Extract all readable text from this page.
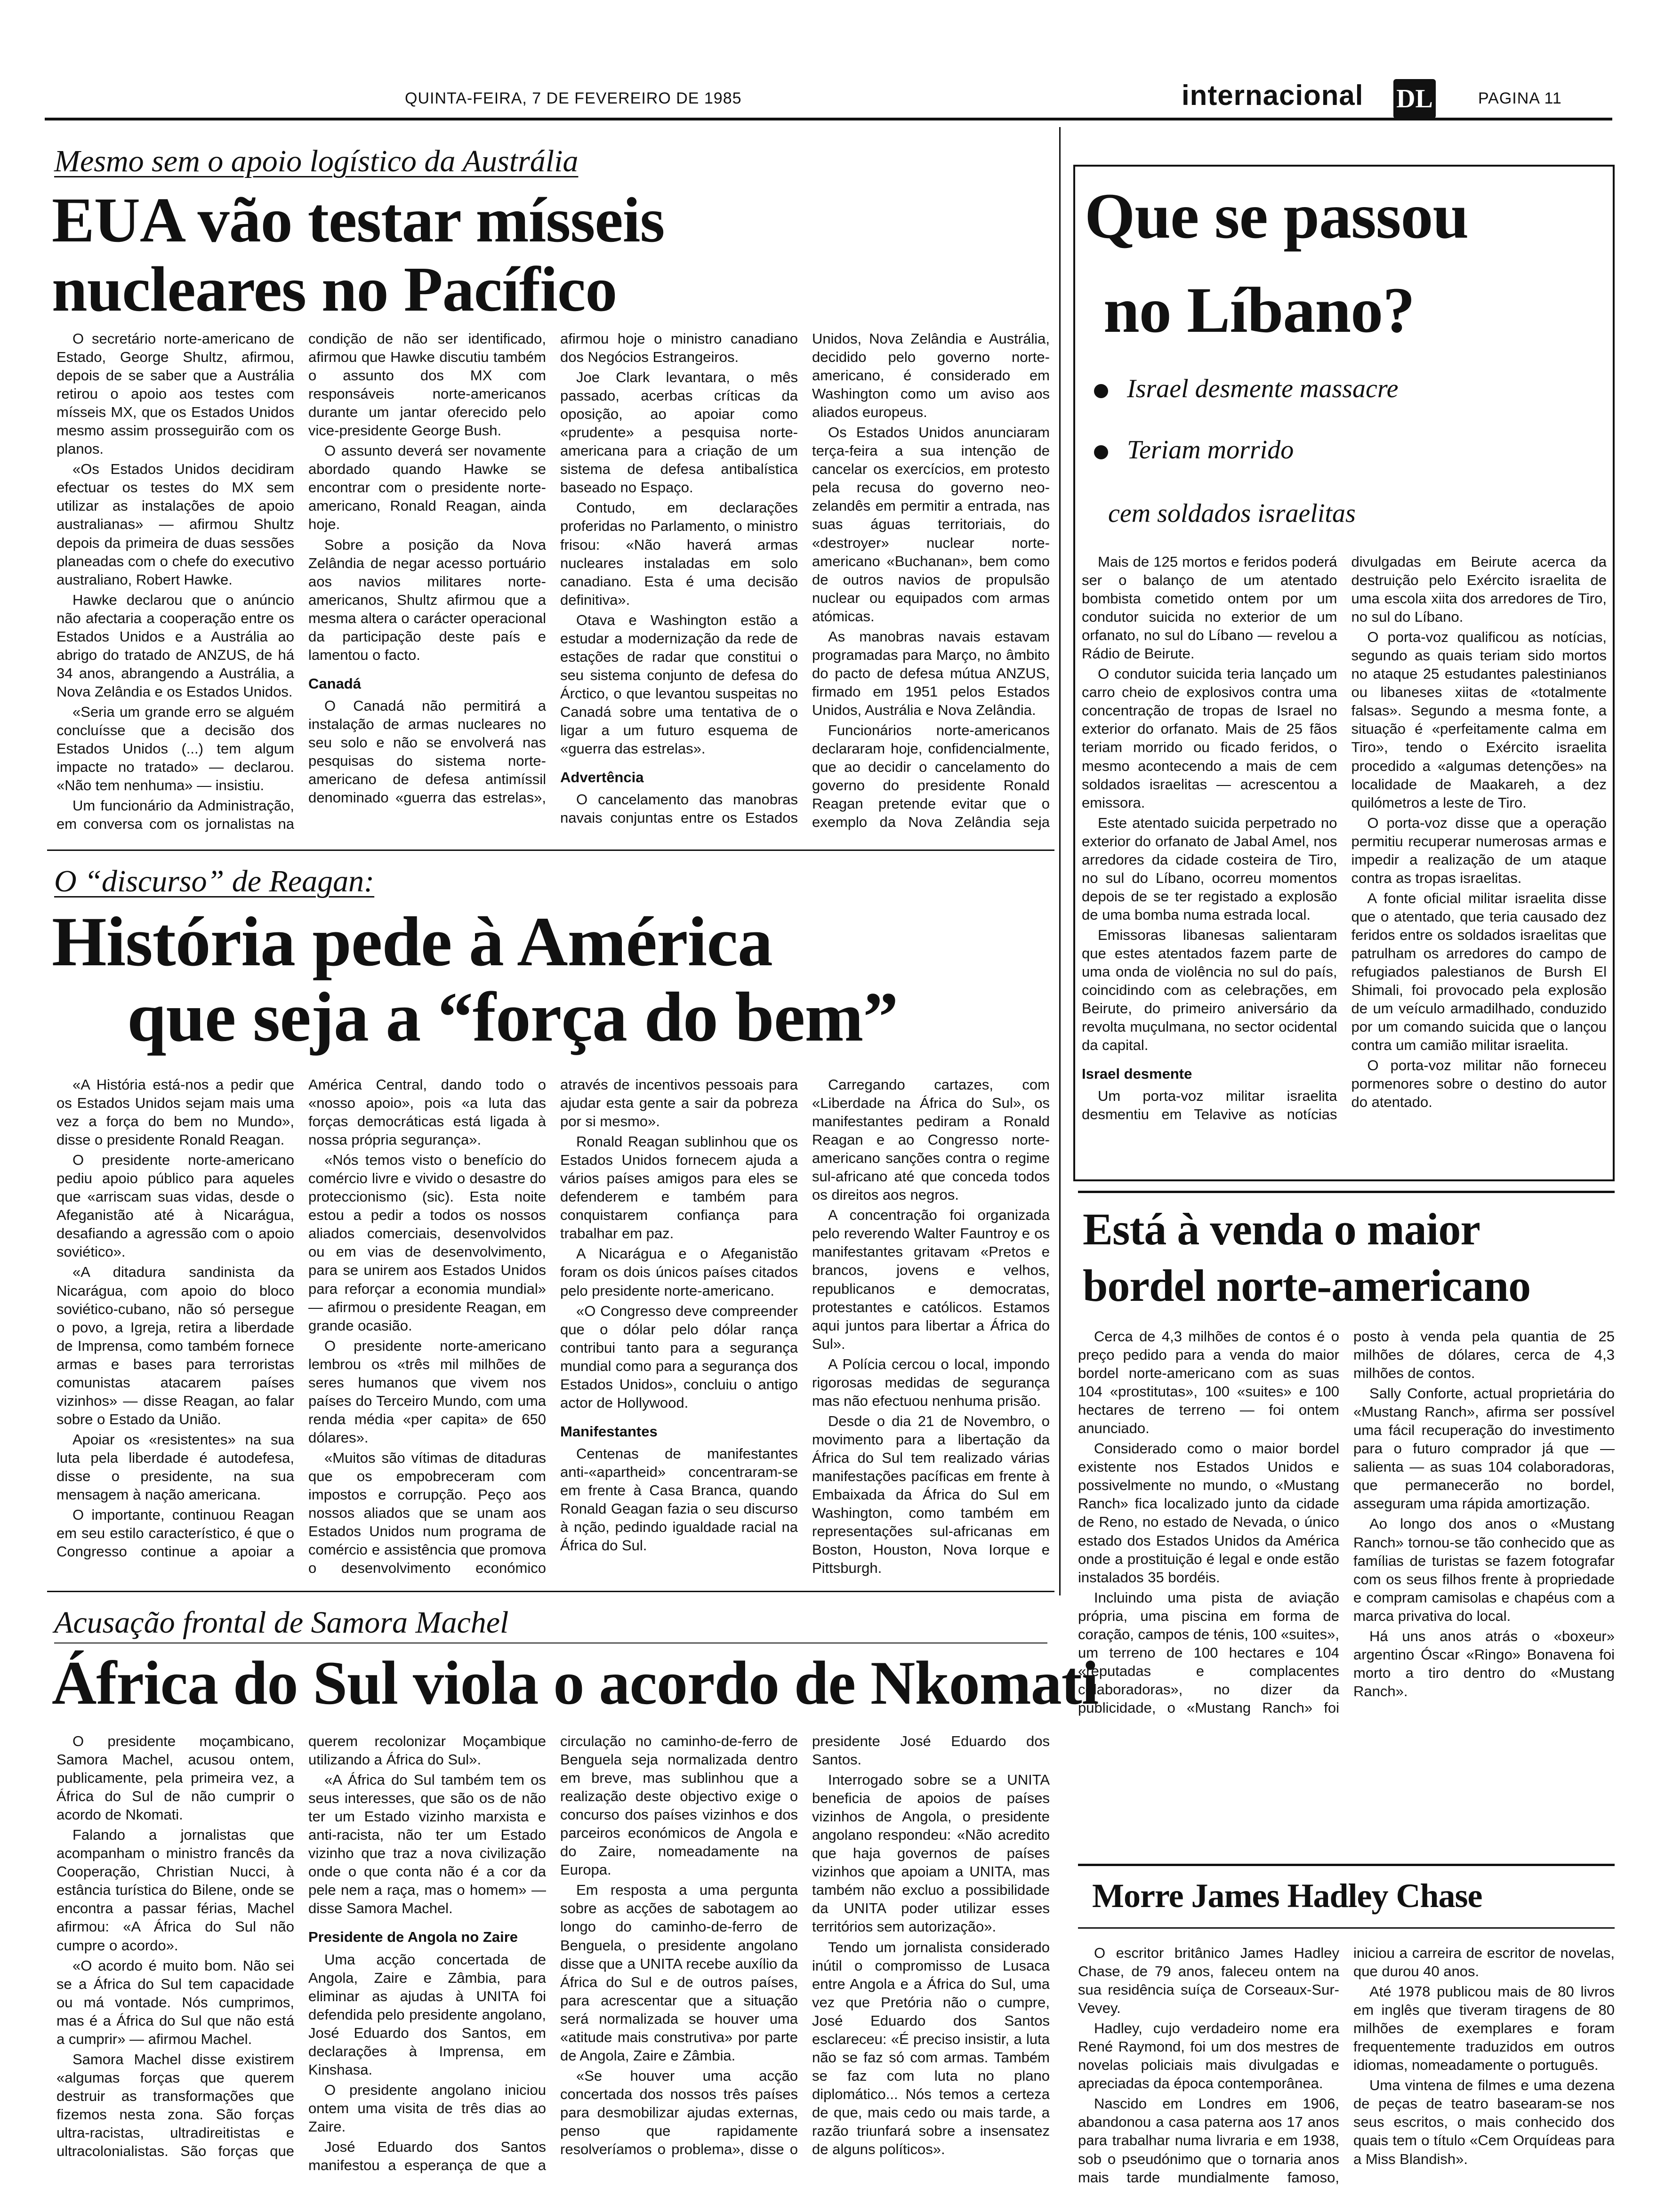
QUINTA-FEIRA, 7 DE FEVEREIRO DE 1985	internacional DL	PAGINA 11
Mesmo sem o apoio logístico da Austrália
EUA vão testar mísseis nucleares no Pacífico

O secretário norte-americano de Estado, George Shultz, afirmou, depois de se saber que a Austrália retirou o apoio aos testes com mísseis MX, que os Estados Unidos mesmo assim prosseguirão com os planos.

«Os Estados Unidos decidiram efectuar os testes do MX sem utilizar as instalações de apoio australianas» — afirmou Shultz depois da primeira de duas sessões planeadas com o chefe do executivo australiano, Robert Hawke.

Hawke declarou que o anúncio não afectaria a cooperação entre os Estados Unidos e a Austrália ao abrigo do tratado de ANZUS, de há 34 anos, abrangendo a Austrália, a Nova Zelândia e os Estados Unidos.

«Seria um grande erro se alguém concluísse que a decisão dos Estados Unidos (...) tem algum impacte no tratado» — declarou. «Não tem nenhuma» — insistiu.

Um funcionário da Administração, em conversa com os jornalistas na condição de não ser identificado, afirmou que Hawke discutiu também o assunto dos MX com responsáveis norte-americanos durante um jantar oferecido pelo vice-presidente George Bush.

O assunto deverá ser novamente abordado quando Hawke se encontrar com o presidente norte-americano, Ronald Reagan, ainda hoje.

Sobre a posição da Nova Zelândia de negar acesso portuário aos navios militares norte-americanos, Shultz afirmou que a mesma altera o carácter operacional da participação deste país e lamentou o facto.

Canadá

O Canadá não permitirá a instalação de armas nucleares no seu solo e não se envolverá nas pesquisas do sistema norte-americano de defesa antimíssil denominado «guerra das estrelas», afirmou hoje o ministro canadiano dos Negócios Estrangeiros.

Joe Clark levantara, o mês passado, acerbas críticas da oposição, ao apoiar como «prudente» a pesquisa norte-americana para a criação de um sistema de defesa antibalística baseado no Espaço.

Contudo, em declarações proferidas no Parlamento, o ministro frisou: «Não haverá armas nucleares instaladas em solo canadiano. Esta é uma decisão definitiva».

Otava e Washington estão a estudar a modernização da rede de estações de radar que constitui o seu sistema conjunto de defesa do Árctico, o que levantou suspeitas no Canadá sobre uma tentativa de o ligar a um futuro esquema de «guerra das estrelas».

Advertência

O cancelamento das manobras navais conjuntas entre os Estados Unidos, Nova Zelândia e Austrália, decidido pelo governo norte-americano, é considerado em Washington como um aviso aos aliados europeus.

Os Estados Unidos anunciaram terça-feira a sua intenção de cancelar os exercícios, em protesto pela recusa do governo neo-zelandês em permitir a entrada, nas suas águas territoriais, do «destroyer» nuclear norte-americano «Buchanan», bem como de outros navios de propulsão nuclear ou equipados com armas atómicas.

As manobras navais estavam programadas para Março, no âmbito do pacto de defesa mútua ANZUS, firmado em 1951 pelos Estados Unidos, Austrália e Nova Zelândia.

Funcionários norte-americanos declararam hoje, confidencialmente, que ao decidir o cancelamento do governo do presidente Ronald Reagan pretende evitar que o exemplo da Nova Zelândia seja

O “discurso” de Reagan:
História pede à América
que seja a “força do bem”

«A História está-nos a pedir que os Estados Unidos sejam mais uma vez a força do bem no Mundo», disse o presidente Ronald Reagan.

O presidente norte-americano pediu apoio público para aqueles que «arriscam suas vidas, desde o Afeganistão até à Nicarágua, desafiando a agressão com o apoio soviético».

«A ditadura sandinista da Nicarágua, com apoio do bloco soviético-cubano, não só persegue o povo, a Igreja, retira a liberdade de Imprensa, como também fornece armas e bases para terroristas comunistas atacarem países vizinhos» — disse Reagan, ao falar sobre o Estado da União.

Apoiar os «resistentes» na sua luta pela liberdade é autodefesa, disse o presidente, na sua mensagem à nação americana.

O importante, continuou Reagan em seu estilo característico, é que o Congresso continue a apoiar a América Central, dando todo o «nosso apoio», pois «a luta das forças democráticas está ligada à nossa própria segurança».

«Nós temos visto o benefício do comércio livre e vivido o desastre do proteccionismo (sic). Esta noite estou a pedir a todos os nossos aliados comerciais, desenvolvidos ou em vias de desenvolvimento, para se unirem aos Estados Unidos para reforçar a economia mundial» — afirmou o presidente Reagan, em grande ocasião.

O presidente norte-americano lembrou os «três mil milhões de seres humanos que vivem nos países do Terceiro Mundo, com uma renda média «per capita» de 650 dólares».

«Muitos são vítimas de ditaduras que os empobreceram com impostos e corrupção. Peço aos nossos aliados que se unam aos Estados Unidos num programa de comércio e assistência que promova o desenvolvimento económico através de incentivos pessoais para ajudar esta gente a sair da pobreza por si mesmo».

Ronald Reagan sublinhou que os Estados Unidos fornecem ajuda a vários países amigos para eles se defenderem e também para conquistarem confiança para trabalhar em paz.

A Nicarágua e o Afeganistão foram os dois únicos países citados pelo presidente norte-americano.

«O Congresso deve compreender que o dólar pelo dólar rança contribui tanto para a segurança mundial como para a segurança dos Estados Unidos», concluiu o antigo actor de Hollywood.

Manifestantes

Centenas de manifestantes anti-«apartheid» concentraram-se em frente à Casa Branca, quando Ronald Geagan fazia o seu discurso à nção, pedindo igualdade racial na África do Sul.

Carregando cartazes, com «Liberdade na África do Sul», os manifestantes pediram a Ronald Reagan e ao Congresso norte-americano sanções contra o regime sul-africano até que conceda todos os direitos aos negros.

A concentração foi organizada pelo reverendo Walter Fauntroy e os manifestantes gritavam «Pretos e brancos, jovens e velhos, republicanos e democratas, protestantes e católicos. Estamos aqui juntos para libertar a África do Sul».

A Polícia cercou o local, impondo rigorosas medidas de segurança mas não efectuou nenhuma prisão.

Desde o dia 21 de Novembro, o movimento para a libertação da África do Sul tem realizado várias manifestações pacíficas em frente à Embaixada da África do Sul em Washington, como também em representações sul-africanas em Boston, Houston, Nova Iorque e Pittsburgh.

Acusação frontal de Samora Machel
África do Sul viola o acordo de Nkomati

O presidente moçambicano, Samora Machel, acusou ontem, publicamente, pela primeira vez, a África do Sul de não cumprir o acordo de Nkomati.

Falando a jornalistas que acompanham o ministro francês da Cooperação, Christian Nucci, à estância turística do Bilene, onde se encontra a passar férias, Machel afirmou: «A África do Sul não cumpre o acordo».

«O acordo é muito bom. Não sei se a África do Sul tem capacidade ou má vontade. Nós cumprimos, mas é a África do Sul que não está a cumprir» — afirmou Machel.

Samora Machel disse existirem «algumas forças que querem destruir as transformações que fizemos nesta zona. São forças ultra-racistas, ultradireitistas e ultracolonialistas. São forças que querem recolonizar Moçambique utilizando a África do Sul».

«A África do Sul também tem os seus interesses, que são os de não ter um Estado vizinho marxista e anti-racista, não ter um Estado vizinho que traz a nova civilização onde o que conta não é a cor da pele nem a raça, mas o homem» — disse Samora Machel.

Presidente de Angola no Zaire

Uma acção concertada de Angola, Zaire e Zâmbia, para eliminar as ajudas à UNITA foi defendida pelo presidente angolano, José Eduardo dos Santos, em declarações à Imprensa, em Kinshasa.

O presidente angolano iniciou ontem uma visita de três dias ao Zaire.

José Eduardo dos Santos manifestou a esperança de que a circulação no caminho-de-ferro de Benguela seja normalizada dentro em breve, mas sublinhou que a realização deste objectivo exige o concurso dos países vizinhos e dos parceiros económicos de Angola e do Zaire, nomeadamente na Europa.

Em resposta a uma pergunta sobre as acções de sabotagem ao longo do caminho-de-ferro de Benguela, o presidente angolano disse que a UNITA recebe auxílio da África do Sul e de outros países, para acrescentar que a situação será normalizada se houver uma «atitude mais construtiva» por parte de Angola, Zaire e Zâmbia.

«Se houver uma acção concertada dos nossos três países para desmobilizar ajudas externas, penso que rapidamente resolveríamos o problema», disse o presidente José Eduardo dos Santos.

Interrogado sobre se a UNITA beneficia de apoios de países vizinhos de Angola, o presidente angolano respondeu: «Não acredito que haja governos de países vizinhos que apoiam a UNITA, mas também não excluo a possibilidade da UNITA poder utilizar esses territórios sem autorização».

Tendo um jornalista considerado inútil o compromisso de Lusaca entre Angola e a África do Sul, uma vez que Pretória não o cumpre, José Eduardo dos Santos esclareceu: «É preciso insistir, a luta não se faz só com armas. Também se faz com luta no plano diplomático... Nós temos a certeza de que, mais cedo ou mais tarde, a razão triunfará sobre a insensatez de alguns políticos».

Que se passou
no Líbano?
Israel desmente massacre
Teriam morrido
cem soldados israelitas

Mais de 125 mortos e feridos poderá ser o balanço de um atentado bombista cometido ontem por um condutor suicida no exterior de um orfanato, no sul do Líbano — revelou a Rádio de Beirute.

O condutor suicida teria lançado um carro cheio de explosivos contra uma concentração de tropas de Israel no exterior do orfanato. Mais de 25 fãos teriam morrido ou ficado feridos, o mesmo acontecendo a mais de cem soldados israelitas — acrescentou a emissora.

Este atentado suicida perpetrado no exterior do orfanato de Jabal Amel, nos arredores da cidade costeira de Tiro, no sul do Líbano, ocorreu momentos depois de se ter registado a explosão de uma bomba numa estrada local.

Emissoras libanesas salientaram que estes atentados fazem parte de uma onda de violência no sul do país, coincidindo com as celebrações, em Beirute, do primeiro aniversário da revolta muçulmana, no sector ocidental da capital.

Israel desmente

Um porta-voz militar israelita desmentiu em Telavive as notícias divulgadas em Beirute acerca da destruição pelo Exército israelita de uma escola xiita dos arredores de Tiro, no sul do Líbano.

O porta-voz qualificou as notícias, segundo as quais teriam sido mortos no ataque 25 estudantes palestinianos ou libaneses xiitas de «totalmente falsas». Segundo a mesma fonte, a situação é «perfeitamente calma em Tiro», tendo o Exército israelita procedido a «algumas detenções» na localidade de Maakareh, a dez quilómetros a leste de Tiro.

O porta-voz disse que a operação permitiu recuperar numerosas armas e impedir a realização de um ataque contra as tropas israelitas.

A fonte oficial militar israelita disse que o atentado, que teria causado dez feridos entre os soldados israelitas que patrulham os arredores do campo de refugiados palestianos de Bursh El Shimali, foi provocado pela explosão de um veículo armadilhado, conduzido por um comando suicida que o lançou contra um camião militar israelita.

O porta-voz militar não forneceu pormenores sobre o destino do autor do atentado.

Está à venda o maior
bordel norte-americano

Cerca de 4,3 milhões de contos é o preço pedido para a venda do maior bordel norte-americano com as suas 104 «prostitutas», 100 «suites» e 100 hectares de terreno — foi ontem anunciado.

Considerado como o maior bordel existente nos Estados Unidos e possivelmente no mundo, o «Mustang Ranch» fica localizado junto da cidade de Reno, no estado de Nevada, o único estado dos Estados Unidos da América onde a prostituição é legal e onde estão instalados 35 bordéis.

Incluindo uma pista de aviação própria, uma piscina em forma de coração, campos de ténis, 100 «suites», um terreno de 100 hectares e 104 «reputadas e complacentes colaboradoras», no dizer da publicidade, o «Mustang Ranch» foi posto à venda pela quantia de 25 milhões de dólares, cerca de 4,3 milhões de contos.

Sally Conforte, actual proprietária do «Mustang Ranch», afirma ser possível uma fácil recuperação do investimento para o futuro comprador já que — salienta — as suas 104 colaboradoras, que permanecerão no bordel, asseguram uma rápida amortização.

Ao longo dos anos o «Mustang Ranch» tornou-se tão conhecido que as famílias de turistas se fazem fotografar com os seus filhos frente à propriedade e compram camisolas e chapéus com a marca privativa do local.

Há uns anos atrás o «boxeur» argentino Óscar «Ringo» Bonavena foi morto a tiro dentro do «Mustang Ranch».

Morre James Hadley Chase

O escritor britânico James Hadley Chase, de 79 anos, faleceu ontem na sua residência suíça de Corseaux-Sur-Vevey.

Hadley, cujo verdadeiro nome era René Raymond, foi um dos mestres de novelas policiais mais divulgadas e apreciadas da época contemporânea.

Nascido em Londres em 1906, abandonou a casa paterna aos 17 anos para trabalhar numa livraria e em 1938, sob o pseudónimo que o tornaria anos mais tarde mundialmente famoso, iniciou a carreira de escritor de novelas, que durou 40 anos.

Até 1978 publicou mais de 80 livros em inglês que tiveram tiragens de 80 milhões de exemplares e foram frequentemente traduzidos em outros idiomas, nomeadamente o português.

Uma vintena de filmes e uma dezena de peças de teatro basearam-se nos seus escritos, o mais conhecido dos quais tem o título «Cem Orquídeas para a Miss Blandish».
